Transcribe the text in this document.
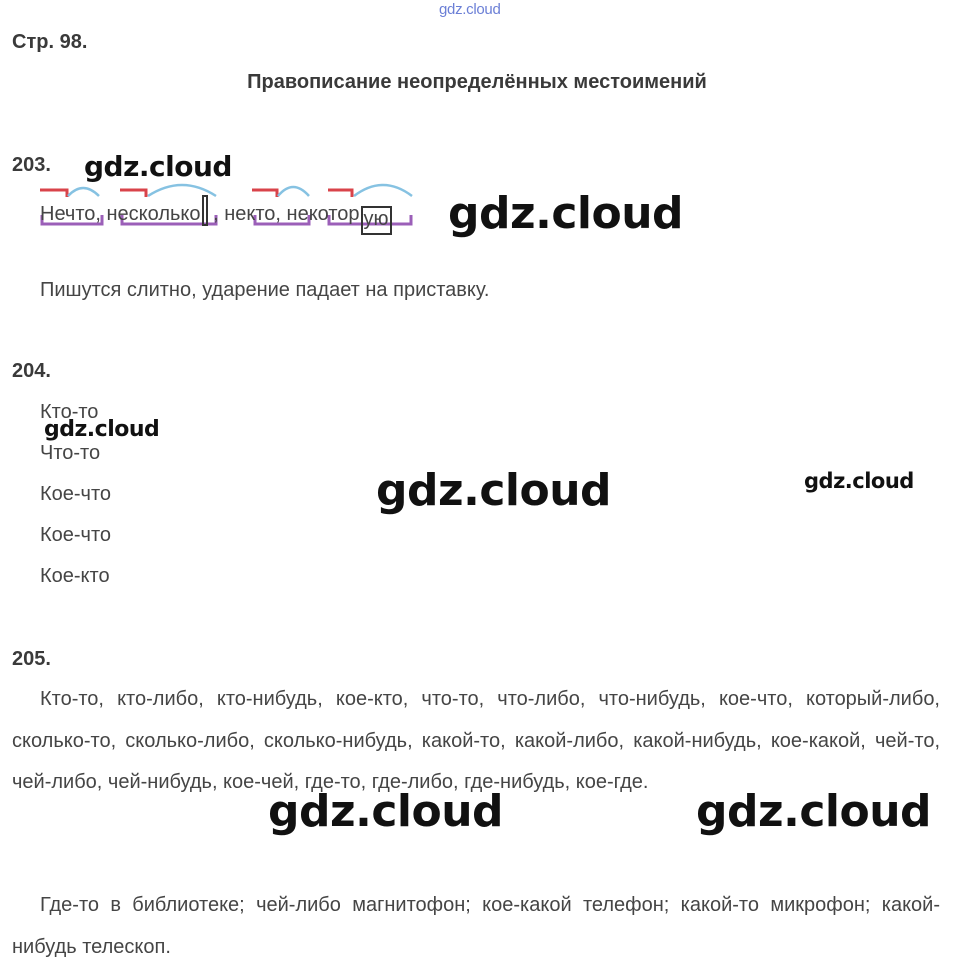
gdz.cloud
Стр. 98.
Правописание неопределённых местоимений
203.
Нечто, несколько , некто, некотор ую
Пишутся слитно, ударение падает на приставку.
204.
Кто-то
Что-то
Кое-что
Кое-что
Кое-кто
205.
Кто-то, кто-либо, кто-нибудь, кое-кто, что-то, что-либо, что-нибудь, кое-что, который-либо, сколько-то, сколько-либо, сколько-нибудь, какой-то, какой-либо, какой-нибудь, кое-какой, чей-то, чей-либо, чей-нибудь, кое-чей, где-то, где-либо, где-нибудь, кое-где.
Где-то в библиотеке; чей-либо магнитофон; кое-какой телефон; какой-то микрофон; какой-нибудь телескоп.
gdz.cloud
gdz.cloud
gdz.cloud
gdz.cloud	gdz.cloud
gdz.cloud	gdz.cloud
